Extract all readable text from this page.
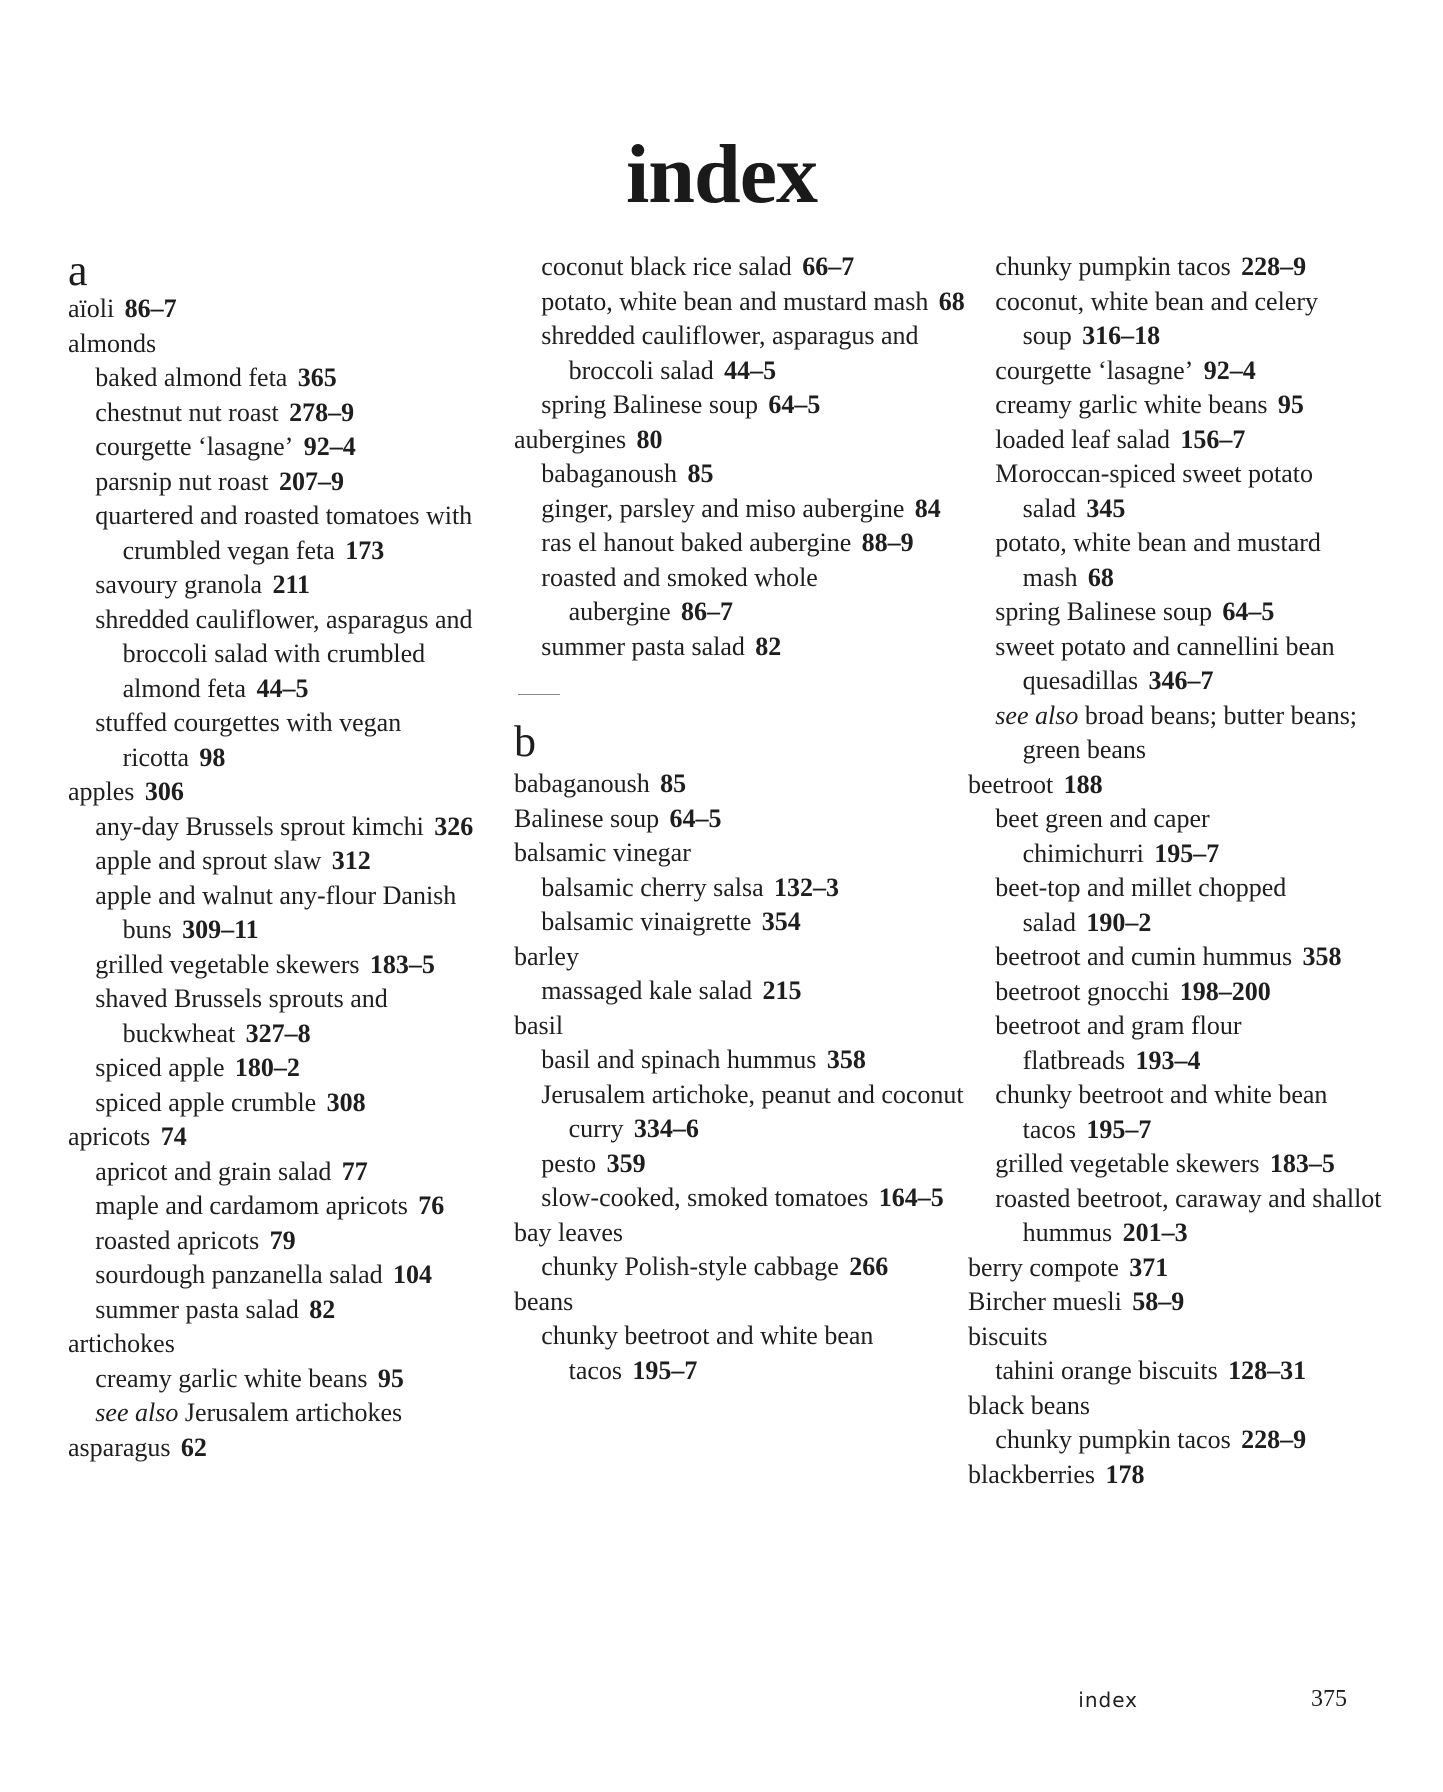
index
a
aïoli 86–7
almonds
baked almond feta 365
chestnut nut roast 278–9
courgette ‘lasagne’ 92–4
parsnip nut roast 207–9
quartered and roasted tomatoes with crumbled vegan feta 173
savoury granola 211
shredded cauliflower, asparagus and broccoli salad with crumbled almond feta 44–5
stuffed courgettes with vegan ricotta 98
apples 306
any-day Brussels sprout kimchi 326
apple and sprout slaw 312
apple and walnut any-flour Danish buns 309–11
grilled vegetable skewers 183–5
shaved Brussels sprouts and buckwheat 327–8
spiced apple 180–2
spiced apple crumble 308
apricots 74
apricot and grain salad 77
maple and cardamom apricots 76
roasted apricots 79
sourdough panzanella salad 104
summer pasta salad 82
artichokes
creamy garlic white beans 95
see also Jerusalem artichokes
asparagus 62
coconut black rice salad 66–7
potato, white bean and mustard mash 68
shredded cauliflower, asparagus and broccoli salad 44–5
spring Balinese soup 64–5
aubergines 80
babaganoush 85
ginger, parsley and miso aubergine 84
ras el hanout baked aubergine 88–9
roasted and smoked whole aubergine 86–7
summer pasta salad 82
b
babaganoush 85
Balinese soup 64–5
balsamic vinegar
balsamic cherry salsa 132–3
balsamic vinaigrette 354
barley
massaged kale salad 215
basil
basil and spinach hummus 358
Jerusalem artichoke, peanut and coconut curry 334–6
pesto 359
slow-cooked, smoked tomatoes 164–5
bay leaves
chunky Polish-style cabbage 266
beans
chunky beetroot and white bean tacos 195–7
chunky pumpkin tacos 228–9
coconut, white bean and celery soup 316–18
courgette ‘lasagne’ 92–4
creamy garlic white beans 95
loaded leaf salad 156–7
Moroccan-spiced sweet potato salad 345
potato, white bean and mustard mash 68
spring Balinese soup 64–5
sweet potato and cannellini bean quesadillas 346–7
see also broad beans; butter beans; green beans
beetroot 188
beet green and caper chimichurri 195–7
beet-top and millet chopped salad 190–2
beetroot and cumin hummus 358
beetroot gnocchi 198–200
beetroot and gram flour flatbreads 193–4
chunky beetroot and white bean tacos 195–7
grilled vegetable skewers 183–5
roasted beetroot, caraway and shallot hummus 201–3
berry compote 371
Bircher muesli 58–9
biscuits
tahini orange biscuits 128–31
black beans
chunky pumpkin tacos 228–9
blackberries 178
index	375
